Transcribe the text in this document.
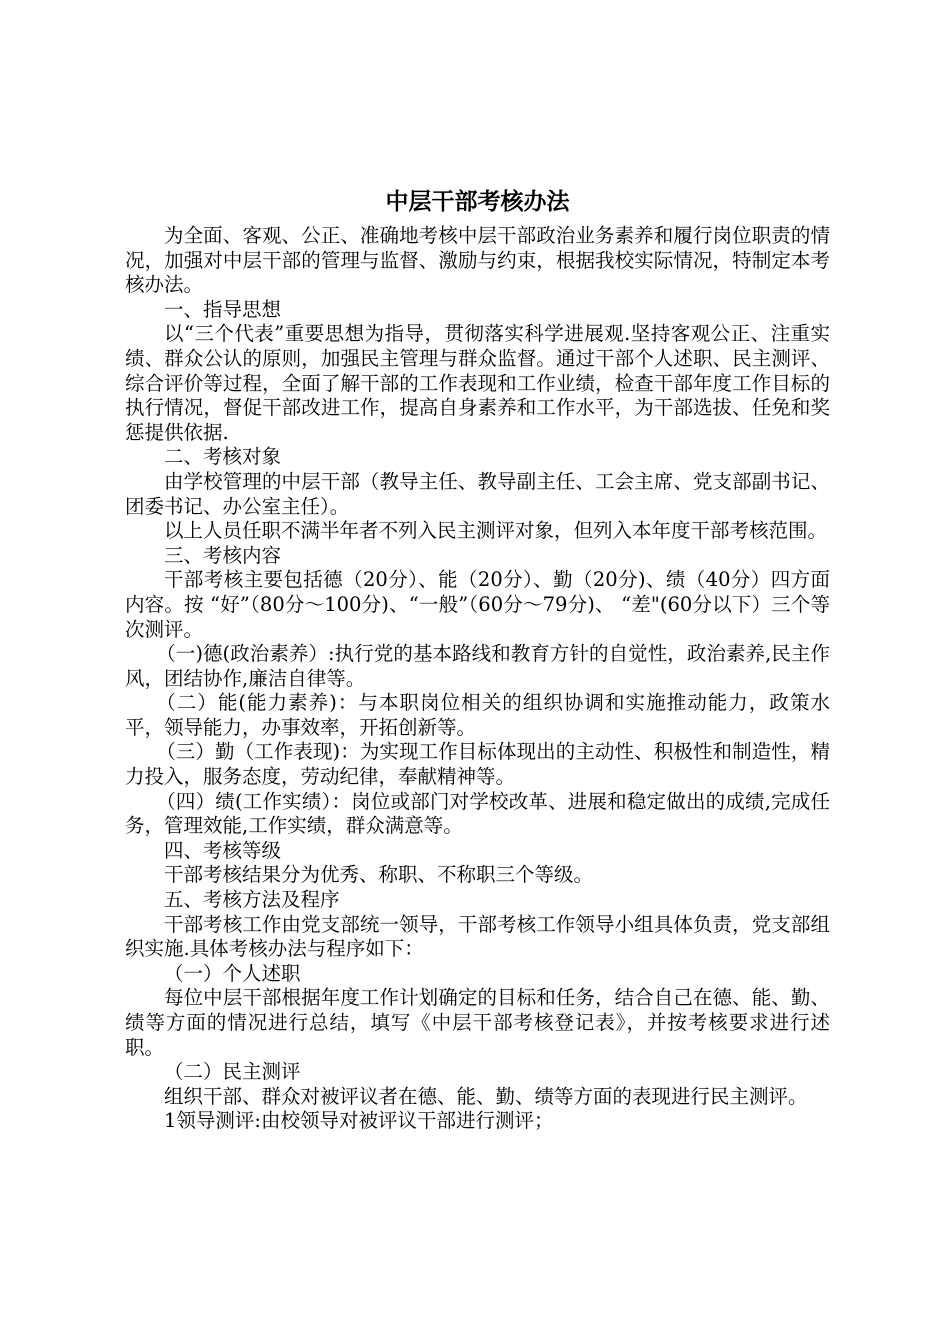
中层干部考核办法

为全面、客观、公正、准确地考核中层干部政治业务素养和履行岗位职责的情况，加强对中层干部的管理与监督、激励与约束，根据我校实际情况，特制定本考核办法。

一、指导思想

以“三个代表”重要思想为指导，贯彻落实科学进展观.坚持客观公正、注重实绩、群众公认的原则，加强民主管理与群众监督。通过干部个人述职、民主测评、综合评价等过程，全面了解干部的工作表现和工作业绩，检查干部年度工作目标的执行情况，督促干部改进工作，提高自身素养和工作水平，为干部选拔、任免和奖惩提供依据.

二、考核对象

由学校管理的中层干部（教导主任、教导副主任、工会主席、党支部副书记、团委书记、办公室主任）。

以上人员任职不满半年者不列入民主测评对象，但列入本年度干部考核范围。

三、考核内容

干部考核主要包括德（20分）、能（20分）、勤（20分)、绩（40分）四方面内容。按 “好”（80分～100分)、“一般”（60分～79分)、 “差"(60分以下）三个等次测评。

（一)德(政治素养）:执行党的基本路线和教育方针的自觉性，政治素养,民主作风，团结协作,廉洁自律等。

（二）能(能力素养)：与本职岗位相关的组织协调和实施推动能力，政策水平，领导能力，办事效率，开拓创新等。

（三）勤（工作表现)：为实现工作目标体现出的主动性、积极性和制造性，精力投入，服务态度，劳动纪律，奉献精神等。

（四）绩(工作实绩）：岗位或部门对学校改革、进展和稳定做出的成绩,完成任务，管理效能,工作实绩，群众满意等。

四、考核等级

干部考核结果分为优秀、称职、不称职三个等级。

五、考核方法及程序

干部考核工作由党支部统一领导，干部考核工作领导小组具体负责，党支部组织实施.具体考核办法与程序如下：

（一）个人述职

每位中层干部根据年度工作计划确定的目标和任务，结合自己在德、能、勤、绩等方面的情况进行总结，填写《中层干部考核登记表》，并按考核要求进行述职。

（二）民主测评

组织干部、群众对被评议者在德、能、勤、绩等方面的表现进行民主测评。

1领导测评:由校领导对被评议干部进行测评；
